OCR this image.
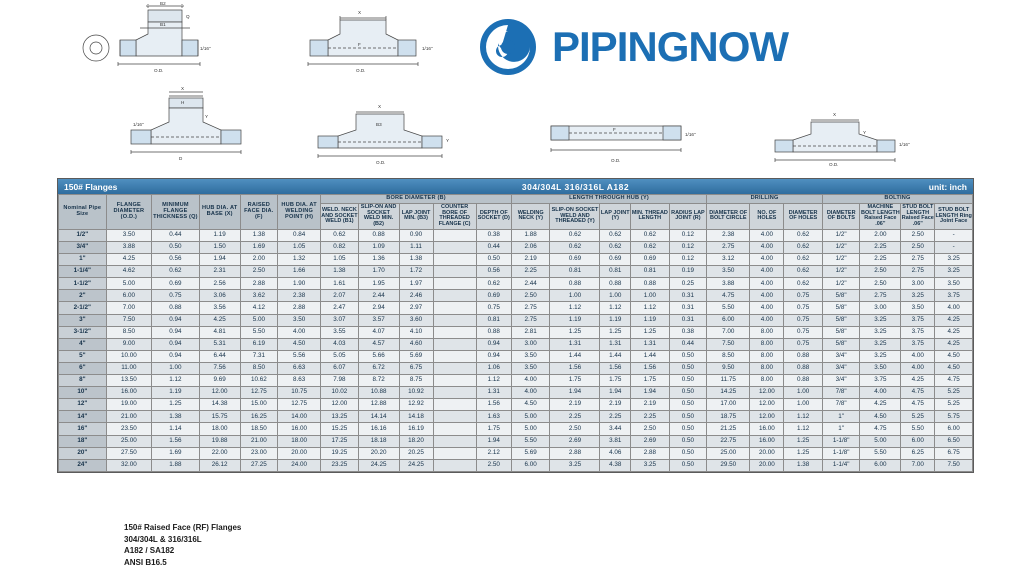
B2
B1
Q
1/16"
O.D.
X
F
O.D.
1/16"
X
H
Y
1/16"
D
X
B3
O.D.
Y
F
O.D.
1/16"
X
Y
O.D.
1/16"
PIPINGNOW
150# Flanges	304/304L 316/316L A182	unit: inch
Nominal Pipe Size	FLANGE DIAMETER (O.D.)	MINIMUM FLANGE THICKNESS (Q)	HUB DIA. AT BASE (X)	RAISED FACE DIA. (F)	HUB DIA. AT WELDING POINT (H)	BORE DIAMETER (B)					LENGTH THROUGH HUB (Y)					DRILLING			BOLTING			
						WELD. NECK AND SOCKET WELD (B1)	SLIP-ON AND SOCKET WELD MIN. (B2)	LAP JOINT MIN. (B3)	COUNTER BORE OF THREADED FLANGE (C)	DEPTH OF SOCKET (D)	WELDING NECK (Y)	SLIP-ON SOCKET WELD AND THREADED (Y)	LAP JOINT (Y)	MIN. THREAD LENGTH	RADIUS LAP JOINT (R)	DIAMETER OF BOLT CIRCLE	NO. OF HOLES	DIAMETER OF HOLES	DIAMETER OF BOLTS	MACHINE BOLT LENGTH Raised Face .06"	STUD BOLT LENGTH Raised Face .06"	STUD BOLT LENGTH Ring Joint Face
1/2"	3.50	0.44	1.19	1.38	0.84	0.62	0.88	0.90		0.38	1.88	0.62	0.62	0.62	0.12	2.38	4.00	0.62	1/2"	2.00	2.50	-
3/4"	3.88	0.50	1.50	1.69	1.05	0.82	1.09	1.11		0.44	2.06	0.62	0.62	0.62	0.12	2.75	4.00	0.62	1/2"	2.25	2.50	-
1"	4.25	0.56	1.94	2.00	1.32	1.05	1.36	1.38		0.50	2.19	0.69	0.69	0.69	0.12	3.12	4.00	0.62	1/2"	2.25	2.75	3.25
1-1/4"	4.62	0.62	2.31	2.50	1.66	1.38	1.70	1.72		0.56	2.25	0.81	0.81	0.81	0.19	3.50	4.00	0.62	1/2"	2.50	2.75	3.25
1-1/2"	5.00	0.69	2.56	2.88	1.90	1.61	1.95	1.97		0.62	2.44	0.88	0.88	0.88	0.25	3.88	4.00	0.62	1/2"	2.50	3.00	3.50
2"	6.00	0.75	3.06	3.62	2.38	2.07	2.44	2.46		0.69	2.50	1.00	1.00	1.00	0.31	4.75	4.00	0.75	5/8"	2.75	3.25	3.75
2-1/2"	7.00	0.88	3.56	4.12	2.88	2.47	2.94	2.97		0.75	2.75	1.12	1.12	1.12	0.31	5.50	4.00	0.75	5/8"	3.00	3.50	4.00
3"	7.50	0.94	4.25	5.00	3.50	3.07	3.57	3.60		0.81	2.75	1.19	1.19	1.19	0.31	6.00	4.00	0.75	5/8"	3.25	3.75	4.25
3-1/2"	8.50	0.94	4.81	5.50	4.00	3.55	4.07	4.10		0.88	2.81	1.25	1.25	1.25	0.38	7.00	8.00	0.75	5/8"	3.25	3.75	4.25
4"	9.00	0.94	5.31	6.19	4.50	4.03	4.57	4.60		0.94	3.00	1.31	1.31	1.31	0.44	7.50	8.00	0.75	5/8"	3.25	3.75	4.25
5"	10.00	0.94	6.44	7.31	5.56	5.05	5.66	5.69		0.94	3.50	1.44	1.44	1.44	0.50	8.50	8.00	0.88	3/4"	3.25	4.00	4.50
6"	11.00	1.00	7.56	8.50	6.63	6.07	6.72	6.75		1.06	3.50	1.56	1.56	1.56	0.50	9.50	8.00	0.88	3/4"	3.50	4.00	4.50
8"	13.50	1.12	9.69	10.62	8.63	7.98	8.72	8.75		1.12	4.00	1.75	1.75	1.75	0.50	11.75	8.00	0.88	3/4"	3.75	4.25	4.75
10"	16.00	1.19	12.00	12.75	10.75	10.02	10.88	10.92		1.31	4.00	1.94	1.94	1.94	0.50	14.25	12.00	1.00	7/8"	4.00	4.75	5.25
12"	19.00	1.25	14.38	15.00	12.75	12.00	12.88	12.92		1.56	4.50	2.19	2.19	2.19	0.50	17.00	12.00	1.00	7/8"	4.25	4.75	5.25
14"	21.00	1.38	15.75	16.25	14.00	13.25	14.14	14.18		1.63	5.00	2.25	2.25	2.25	0.50	18.75	12.00	1.12	1"	4.50	5.25	5.75
16"	23.50	1.14	18.00	18.50	16.00	15.25	16.16	16.19		1.75	5.00	2.50	3.44	2.50	0.50	21.25	16.00	1.12	1"	4.75	5.50	6.00
18"	25.00	1.56	19.88	21.00	18.00	17.25	18.18	18.20		1.94	5.50	2.69	3.81	2.69	0.50	22.75	16.00	1.25	1-1/8"	5.00	6.00	6.50
20"	27.50	1.69	22.00	23.00	20.00	19.25	20.20	20.25		2.12	5.69	2.88	4.06	2.88	0.50	25.00	20.00	1.25	1-1/8"	5.50	6.25	6.75
24"	32.00	1.88	26.12	27.25	24.00	23.25	24.25	24.25		2.50	6.00	3.25	4.38	3.25	0.50	29.50	20.00	1.38	1-1/4"	6.00	7.00	7.50
150# Raised Face (RF) Flanges
304/304L & 316/316L
A182 / SA182
ANSI B16.5
